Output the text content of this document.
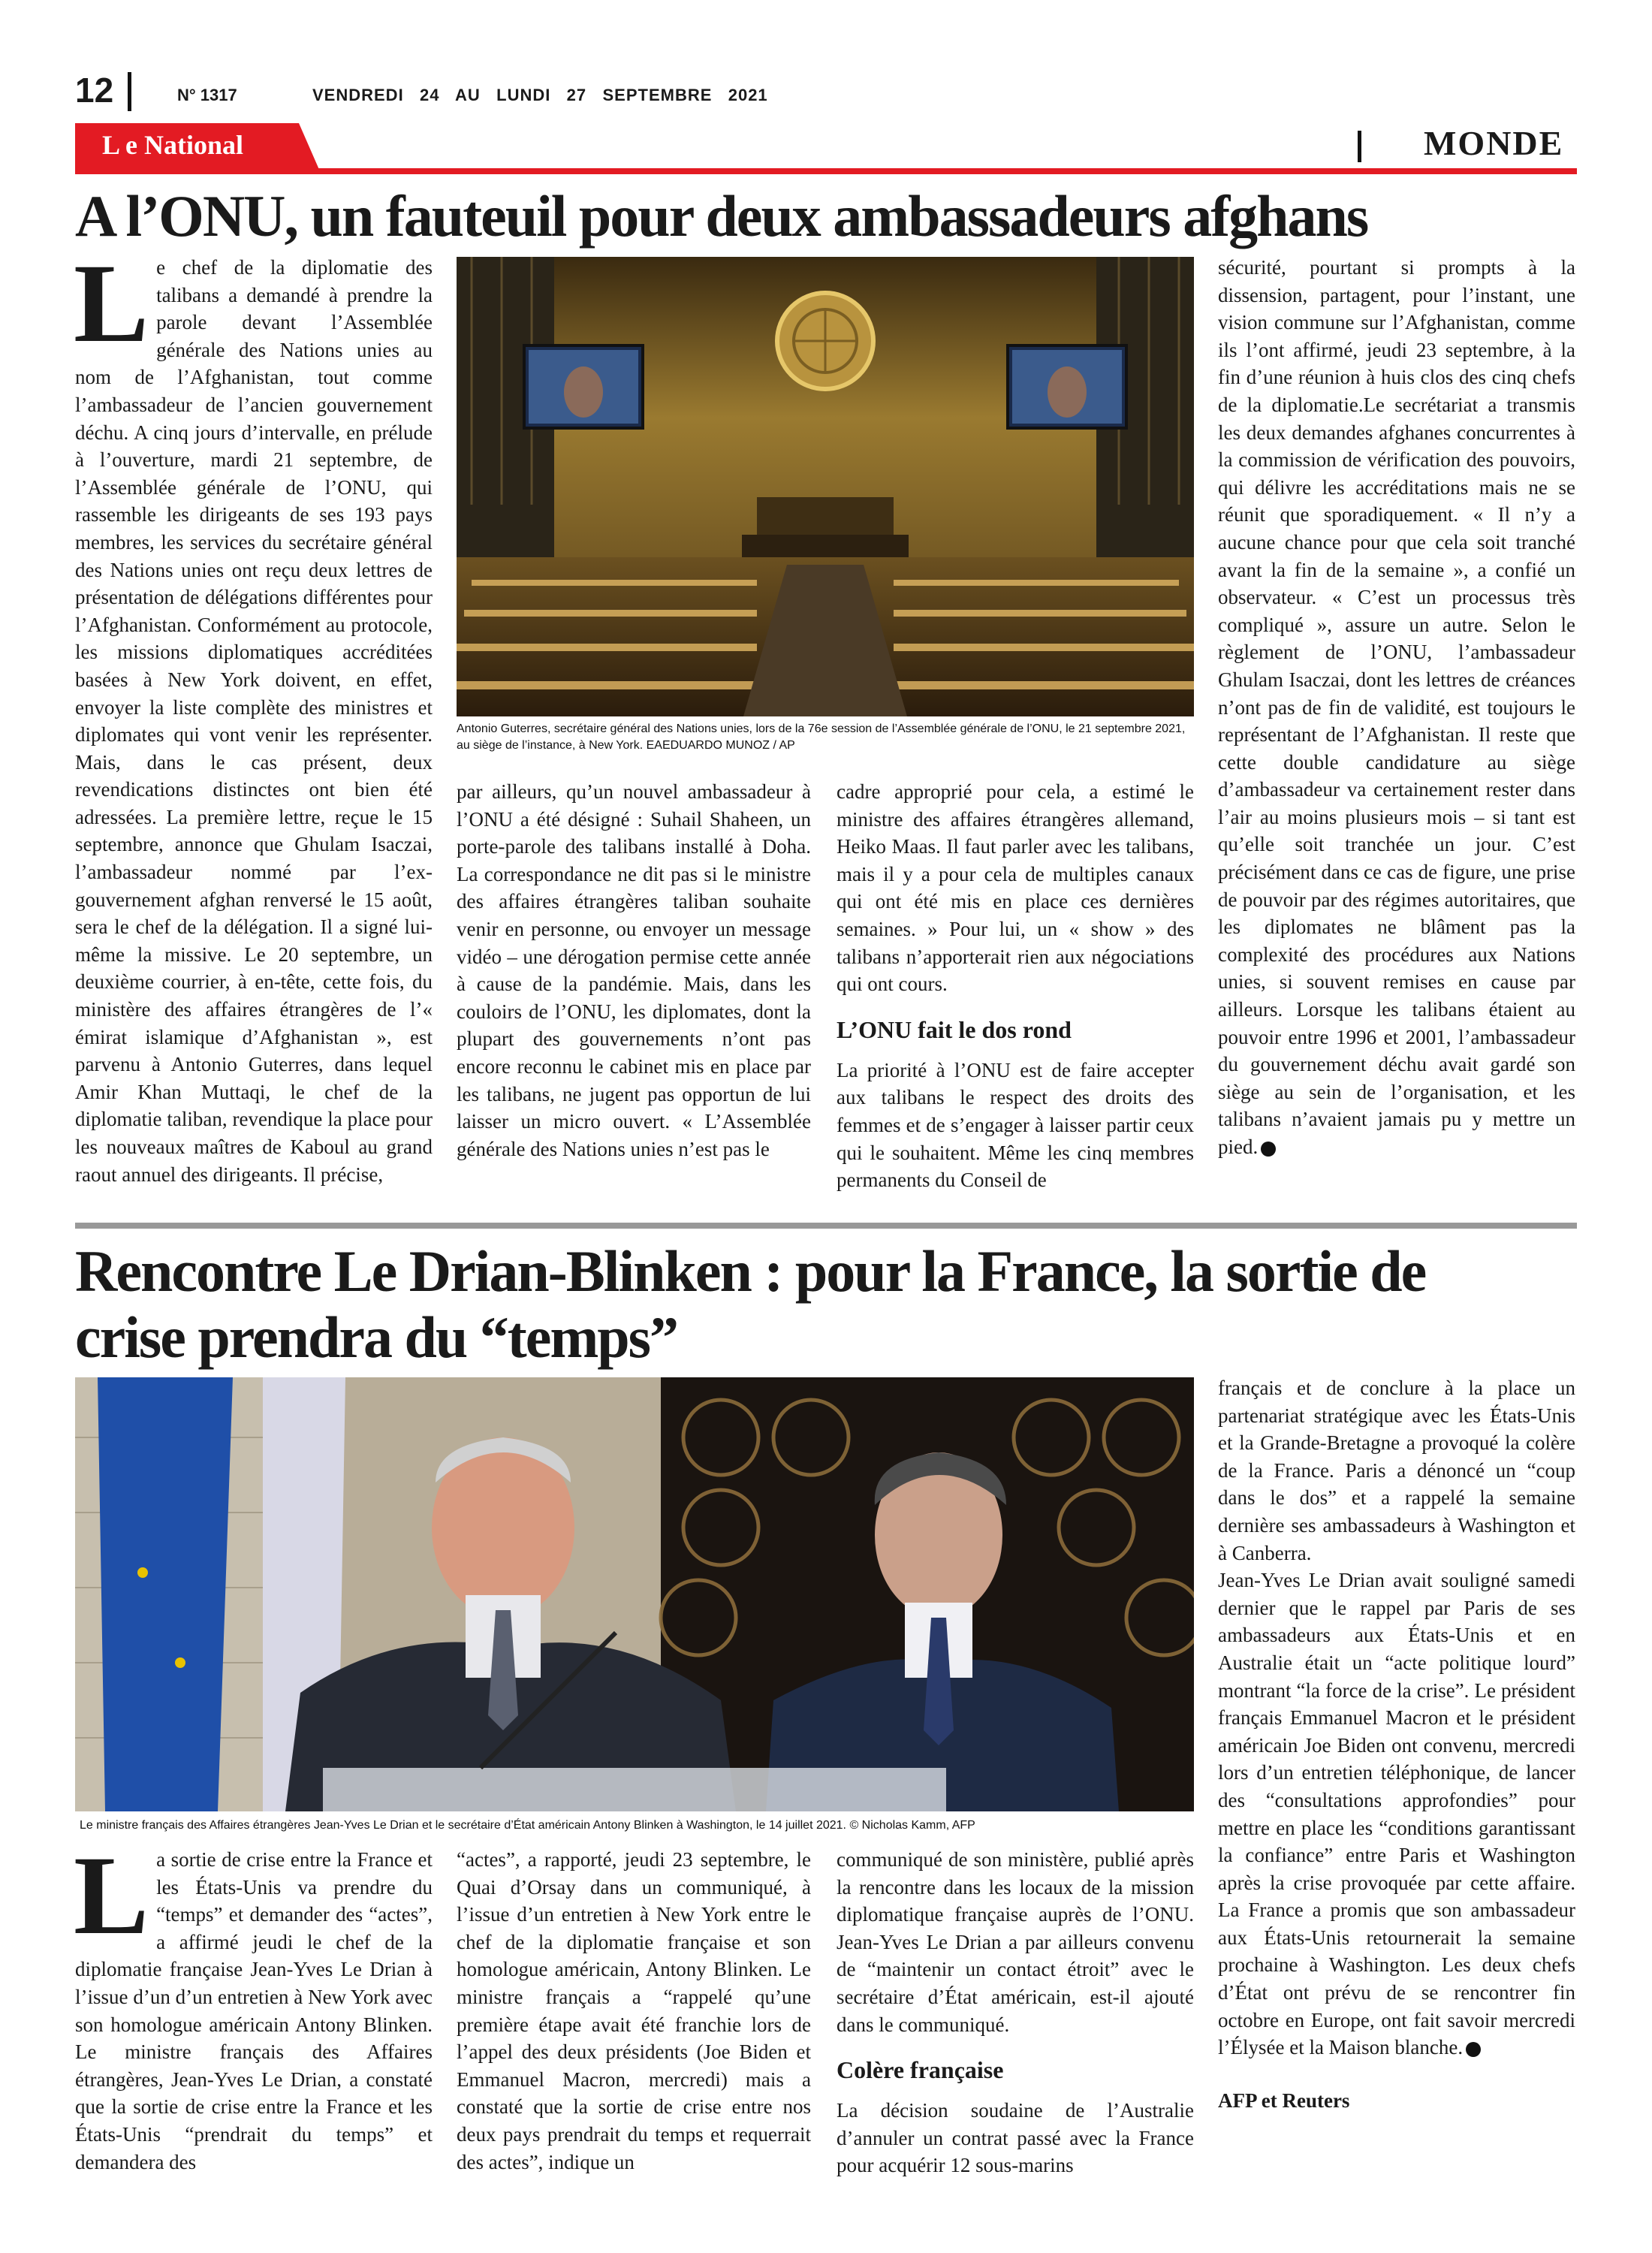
12	N° 1317	VENDREDI   24   AU   LUNDI   27   SEPTEMBRE   2021
L e National	MONDE
A l’ONU, un fauteuil pour deux ambassadeurs afghans
L e chef de la diplomatie des talibans a demandé à prendre la parole devant l’Assemblée générale des Nations unies au nom de l’Afghanistan, tout comme l’ambassadeur de l’ancien gouvernement déchu. A cinq jours d’intervalle, en prélude à l’ouverture, mardi 21 septembre, de l’Assemblée générale de l’ONU, qui rassemble les dirigeants de ses 193 pays membres, les services du secrétaire général des Nations unies ont reçu deux lettres de présentation de délégations différentes pour l’Afghanistan. Conformément au protocole, les missions diplomatiques accréditées basées à New York doivent, en effet, envoyer la liste complète des ministres et diplomates qui vont venir les représenter. Mais, dans le cas présent, deux revendications distinctes ont bien été adressées. La première lettre, reçue le 15 septembre, annonce que Ghulam Isaczai, l’ambassadeur nommé par l’ex-gouvernement afghan renversé le 15 août, sera le chef de la délégation. Il a signé lui-même la missive. Le 20 septembre, un deuxième courrier, à en-tête, cette fois, du ministère des affaires étrangères de l’« émirat islamique d’Afghanistan », est parvenu à Antonio Guterres, dans lequel Amir Khan Muttaqi, le chef de la diplomatie taliban, revendique la place pour les nouveaux maîtres de Kaboul au grand raout annuel des dirigeants. Il précise,
Antonio Guterres, secrétaire général des Nations unies, lors de la 76e session de l’Assemblée générale de l’ONU, le 21 septembre 2021, au siège de l’instance, à New York. EAEDUARDO MUNOZ / AP
par ailleurs, qu’un nouvel ambassadeur à l’ONU a été désigné : Suhail Shaheen, un porte-parole des talibans installé à Doha. La correspondance ne dit pas si le ministre des affaires étrangères taliban souhaite venir en personne, ou envoyer un message vidéo – une dérogation permise cette année à cause de la pandémie. Mais, dans les couloirs de l’ONU, les diplomates, dont la plupart des gouvernements n’ont pas encore reconnu le cabinet mis en place par les talibans, ne jugent pas opportun de lui laisser un micro ouvert. « L’Assemblée générale des Nations unies n’est pas le

cadre approprié pour cela, a estimé le ministre des affaires étrangères allemand, Heiko Maas. Il faut parler avec les talibans, mais il y a pour cela de multiples canaux qui ont été mis en place ces dernières semaines. » Pour lui, un « show » des talibans n’apporterait rien aux négociations qui ont cours.

L’ONU fait le dos rond

La priorité à l’ONU est de faire accepter aux talibans le respect des droits des femmes et de s’engager à laisser partir ceux qui le souhaitent. Même les cinq membres permanents du Conseil de

sécurité, pourtant si prompts à la dissension, partagent, pour l’instant, une vision commune sur l’Afghanistan, comme ils l’ont affirmé, jeudi 23 septembre, à la fin d’une réunion à huis clos des cinq chefs de la diplomatie.Le secrétariat a transmis les deux demandes afghanes concurrentes à la commission de vérification des pouvoirs, qui délivre les accréditations mais ne se réunit que sporadiquement. « Il n’y a aucune chance pour que cela soit tranché avant la fin de la semaine », a confié un observateur. « C’est un processus très compliqué », assure un autre. Selon le règlement de l’ONU, l’ambassadeur Ghulam Isaczai, dont les lettres de créances n’ont pas de fin de validité, est toujours le représentant de l’Afghanistan. Il reste que cette double candidature au siège d’ambassadeur va certainement rester dans l’air au moins plusieurs mois – si tant est qu’elle soit tranchée un jour. C’est précisément dans ce cas de figure, une prise de pouvoir par des régimes autoritaires, que les diplomates ne blâment pas la complexité des procédures aux Nations unies, si souvent remises en cause par ailleurs. Lorsque les talibans étaient au pouvoir entre 1996 et 2001, l’ambassadeur du gouvernement déchu avait gardé son siège au sein de l’organisation, et les talibans n’avaient jamais pu y mettre un pied.
Rencontre Le Drian-Blinken : pour la France, la sortie de
crise prendra du “temps”
Le ministre français des Affaires étrangères Jean-Yves Le Drian et le secrétaire d’État américain Antony Blinken à Washington, le 14 juillet 2021. © Nicholas Kamm, AFP
L a sortie de crise entre la France et les États-Unis va prendre du “temps” et demander des “actes”, a affirmé jeudi le chef de la diplomatie française Jean-Yves Le Drian à l’issue d’un d’un entretien à New York avec son homologue américain Antony Blinken. Le ministre français des Affaires étrangères, Jean-Yves Le Drian, a constaté que la sortie de crise entre la France et les États-Unis “prendrait du temps” et demandera des
“actes”, a rapporté, jeudi 23 septembre, le Quai d’Orsay dans un communiqué, à l’issue d’un entretien à New York entre le chef de la diplomatie française et son homologue américain, Antony Blinken. Le ministre français a “rappelé qu’une première étape avait été franchie lors de l’appel des deux présidents (Joe Biden et Emmanuel Macron, mercredi) mais a constaté que la sortie de crise entre nos deux pays prendrait du temps et requerrait des actes”, indique un

communiqué de son ministère, publié après la rencontre dans les locaux de la mission diplomatique française auprès de l’ONU. Jean-Yves Le Drian a par ailleurs convenu de “maintenir un contact étroit” avec le secrétaire d’État américain, est-il ajouté dans le communiqué.

Colère française

La décision soudaine de l’Australie d’annuler un contrat passé avec la France pour acquérir 12 sous-marins

français et de conclure à la place un partenariat stratégique avec les États-Unis et la Grande-Bretagne a provoqué la colère de la France. Paris a dénoncé un “coup dans le dos” et a rappelé la semaine dernière ses ambassadeurs à Washington et à Canberra.

Jean-Yves Le Drian avait souligné samedi dernier que le rappel par Paris de ses ambassadeurs aux États-Unis et en Australie était un “acte politique lourd” montrant “la force de la crise”. Le président français Emmanuel Macron et le président américain Joe Biden ont convenu, mercredi lors d’un entretien téléphonique, de lancer des “consultations approfondies” pour mettre en place les “conditions garantissant la confiance” entre Paris et Washington après la crise provoquée par cette affaire. La France a promis que son ambassadeur aux États-Unis retournerait la semaine prochaine à Washington. Les deux chefs d’État ont prévu de se rencontrer fin octobre en Europe, ont fait savoir mercredi l’Élysée et la Maison blanche.

AFP et Reuters
